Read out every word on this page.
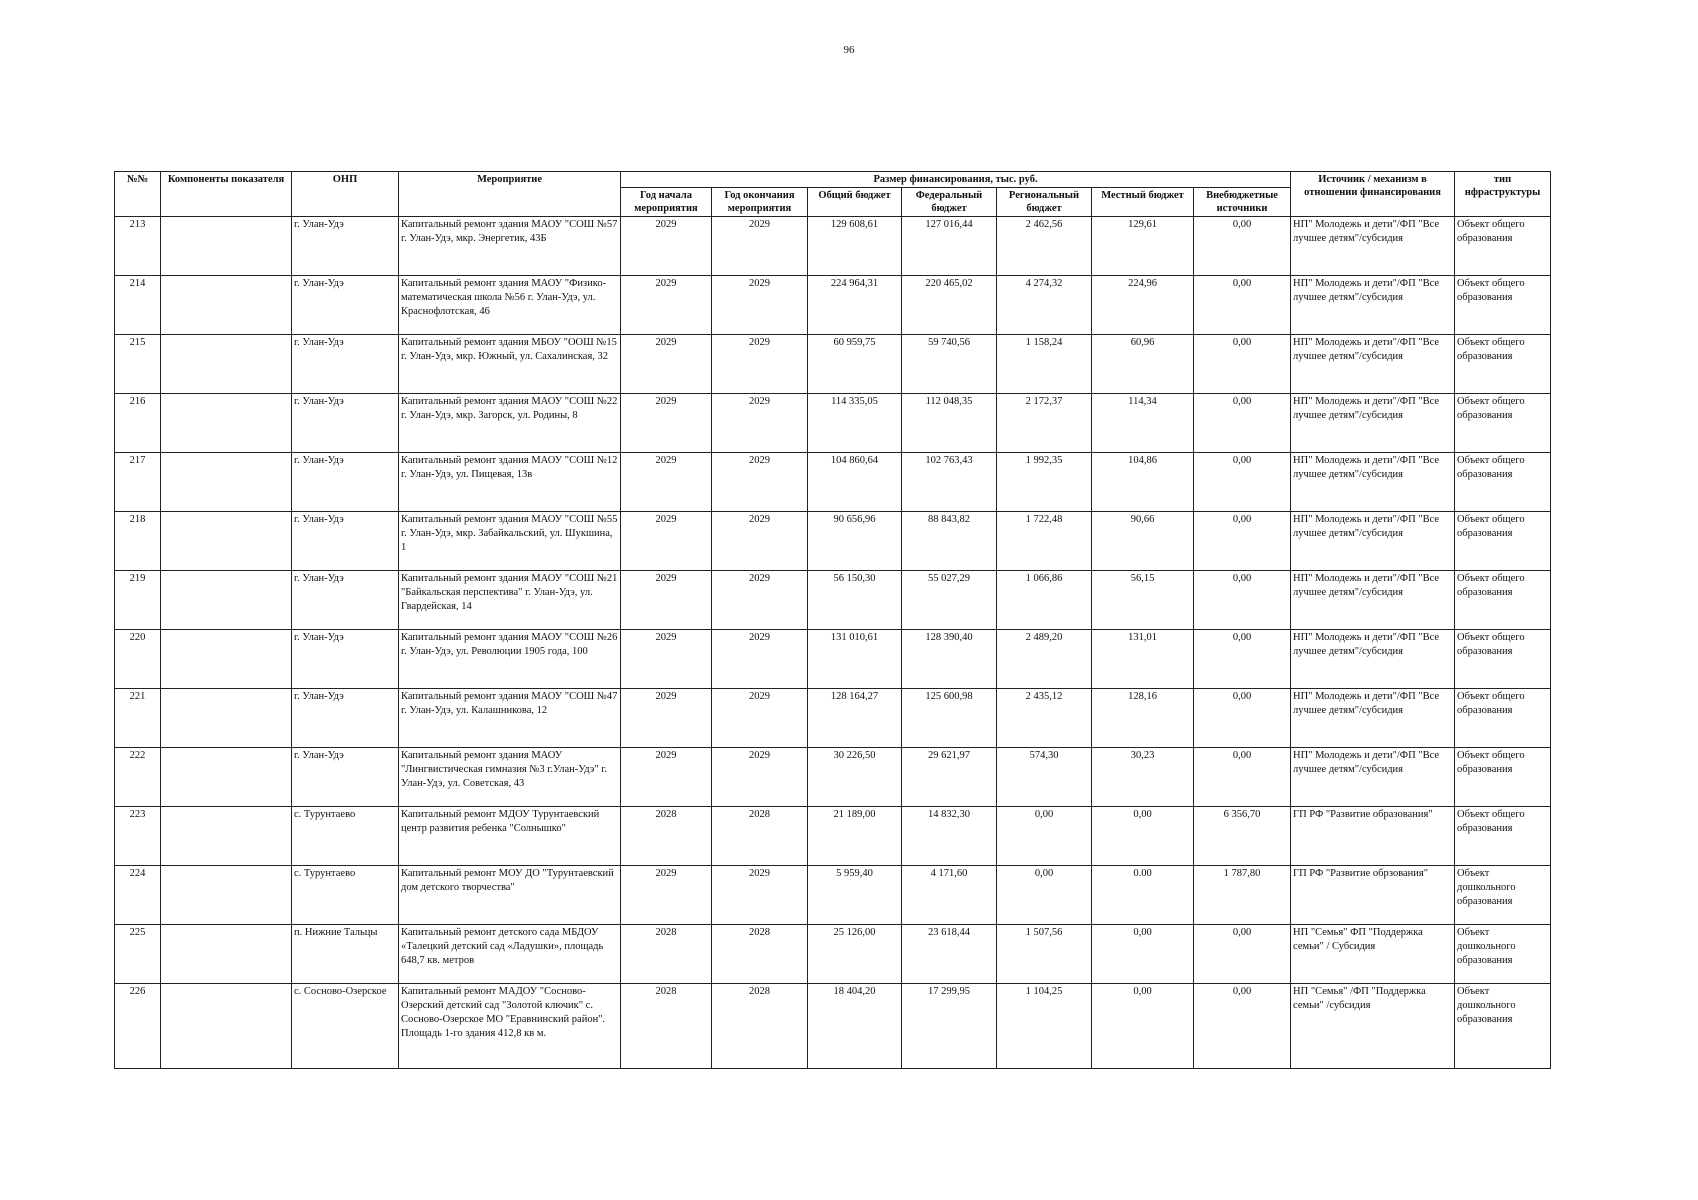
96
№№	Компоненты показателя	ОНП	Мероприятие	Размер финансирования, тыс. руб.							Источник / механизм в отношении финансирования	тип нфраструктуры
				Год начала мероприятия	Год окончания мероприятия	Общий бюджет	Федеральный бюджет	Региональный бюджет	Местный бюджет	Внебюджетные источники		
213		г. Улан-Удэ	Капитальный ремонт здания МАОУ "СОШ №57 г. Улан-Удэ, мкр. Энергетик, 43Б	2029	2029	129 608,61	127 016,44	2 462,56	129,61	0,00	НП" Молодежь и дети"/ФП "Все лучшее детям"/субсидия	Объект общего образования
214		г. Улан-Удэ	Капитальный ремонт здания МАОУ "Физико-математическая школа №56 г. Улан-Удэ, ул. Краснофлотская, 46	2029	2029	224 964,31	220 465,02	4 274,32	224,96	0,00	НП" Молодежь и дети"/ФП "Все лучшее детям"/субсидия	Объект общего образования
215		г. Улан-Удэ	Капитальный ремонт здания МБОУ "ООШ №15 г. Улан-Удэ, мкр. Южный, ул. Сахалинская, 32	2029	2029	60 959,75	59 740,56	1 158,24	60,96	0,00	НП" Молодежь и дети"/ФП "Все лучшее детям"/субсидия	Объект общего образования
216		г. Улан-Удэ	Капитальный ремонт здания МАОУ "СОШ №22 г. Улан-Удэ, мкр. Загорск, ул. Родины, 8	2029	2029	114 335,05	112 048,35	2 172,37	114,34	0,00	НП" Молодежь и дети"/ФП "Все лучшее детям"/субсидия	Объект общего образования
217		г. Улан-Удэ	Капитальный ремонт здания МАОУ "СОШ №12 г. Улан-Удэ, ул. Пищевая, 13в	2029	2029	104 860,64	102 763,43	1 992,35	104,86	0,00	НП" Молодежь и дети"/ФП "Все лучшее детям"/субсидия	Объект общего образования
218		г. Улан-Удэ	Капитальный ремонт здания МАОУ "СОШ №55 г. Улан-Удэ, мкр. Забайкальский, ул. Шукшина, 1	2029	2029	90 656,96	88 843,82	1 722,48	90,66	0,00	НП" Молодежь и дети"/ФП "Все лучшее детям"/субсидия	Объект общего образования
219		г. Улан-Удэ	Капитальный ремонт здания МАОУ "СОШ №21 "Байкальская перспектива" г. Улан-Удэ, ул. Гвардейская, 14	2029	2029	56 150,30	55 027,29	1 066,86	56,15	0,00	НП" Молодежь и дети"/ФП "Все лучшее детям"/субсидия	Объект общего образования
220		г. Улан-Удэ	Капитальный ремонт здания МАОУ "СОШ №26 г. Улан-Удэ, ул. Революции 1905 года, 100	2029	2029	131 010,61	128 390,40	2 489,20	131,01	0,00	НП" Молодежь и дети"/ФП "Все лучшее детям"/субсидия	Объект общего образования
221		г. Улан-Удэ	Капитальный ремонт здания МАОУ "СОШ №47 г. Улан-Удэ, ул. Калашникова, 12	2029	2029	128 164,27	125 600,98	2 435,12	128,16	0,00	НП" Молодежь и дети"/ФП "Все лучшее детям"/субсидия	Объект общего образования
222		г. Улан-Удэ	Капитальный ремонт здания МАОУ "Лингвистическая гимназия №3 г.Улан-Удэ" г. Улан-Удэ, ул. Советская, 43	2029	2029	30 226,50	29 621,97	574,30	30,23	0,00	НП" Молодежь и дети"/ФП "Все лучшее детям"/субсидия	Объект общего образования
223		с. Турунтаево	Капитальный ремонт МДОУ Турунтаевский центр развития ребенка "Солнышко"	2028	2028	21 189,00	14 832,30	0,00	0,00	6 356,70	ГП РФ "Развитие образования"	Объект общего образования
224		с. Турунтаево	Капитальный ремонт МОУ ДО "Турунтаевский дом детского творчества"	2029	2029	5 959,40	4 171,60	0,00	0.00	1 787,80	ГП РФ "Развитие обрзования"	Объект дошкольного образования
225		п. Нижние Тальцы	Капитальный ремонт детского сада МБДОУ «Талецкий детский сад «Ладушки», площадь 648,7 кв. метров	2028	2028	25 126,00	23 618,44	1 507,56	0,00	0,00	НП "Семья" ФП "Поддержка семьи" / Субсидия	Объект дошкольного образования
226		с. Сосново-Озерское	Капитальный ремонт МАДОУ "Сосново-Озерский детский сад "Золотой ключик" с. Сосново-Озерское МО "Еравнинский район". Площадь 1-го здания 412,8 кв м.	2028	2028	18 404,20	17 299,95	1 104,25	0,00	0,00	НП "Семья" /ФП "Поддержка семьи" /субсидия	Объект дошкольного образования
